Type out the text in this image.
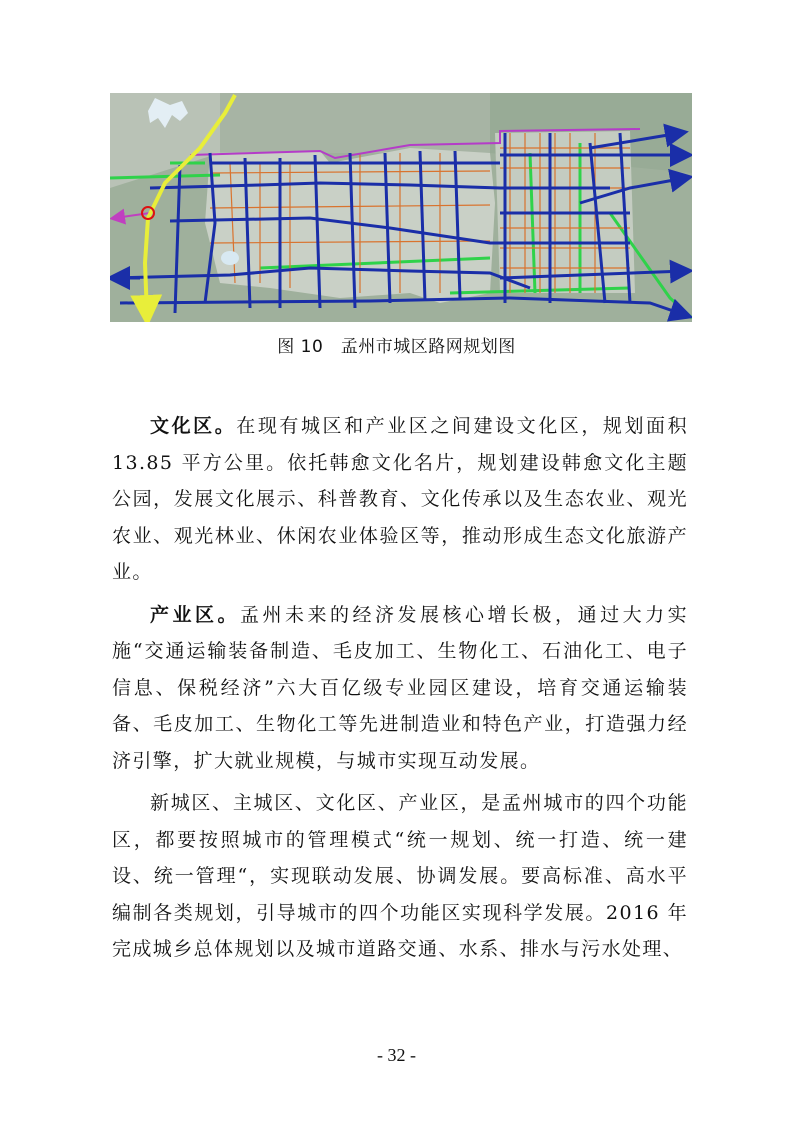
图 10　孟州市城区路网规划图

文化区。在现有城区和产业区之间建设文化区，规划面积 13.85 平方公里。依托韩愈文化名片，规划建设韩愈文化主题公园，发展文化展示、科普教育、文化传承以及生态农业、观光农业、观光林业、休闲农业体验区等，推动形成生态文化旅游产业。

产业区。孟州未来的经济发展核心增长极，通过大力实施“交通运输装备制造、毛皮加工、生物化工、石油化工、电子信息、保税经济”六大百亿级专业园区建设，培育交通运输装备、毛皮加工、生物化工等先进制造业和特色产业，打造强力经济引擎，扩大就业规模，与城市实现互动发展。

新城区、主城区、文化区、产业区，是孟州城市的四个功能区，都要按照城市的管理模式“统一规划、统一打造、统一建设、统一管理“，实现联动发展、协调发展。要高标准、高水平编制各类规划，引导城市的四个功能区实现科学发展。2016 年完成城乡总体规划以及城市道路交通、水系、排水与污水处理、

- 32 -
